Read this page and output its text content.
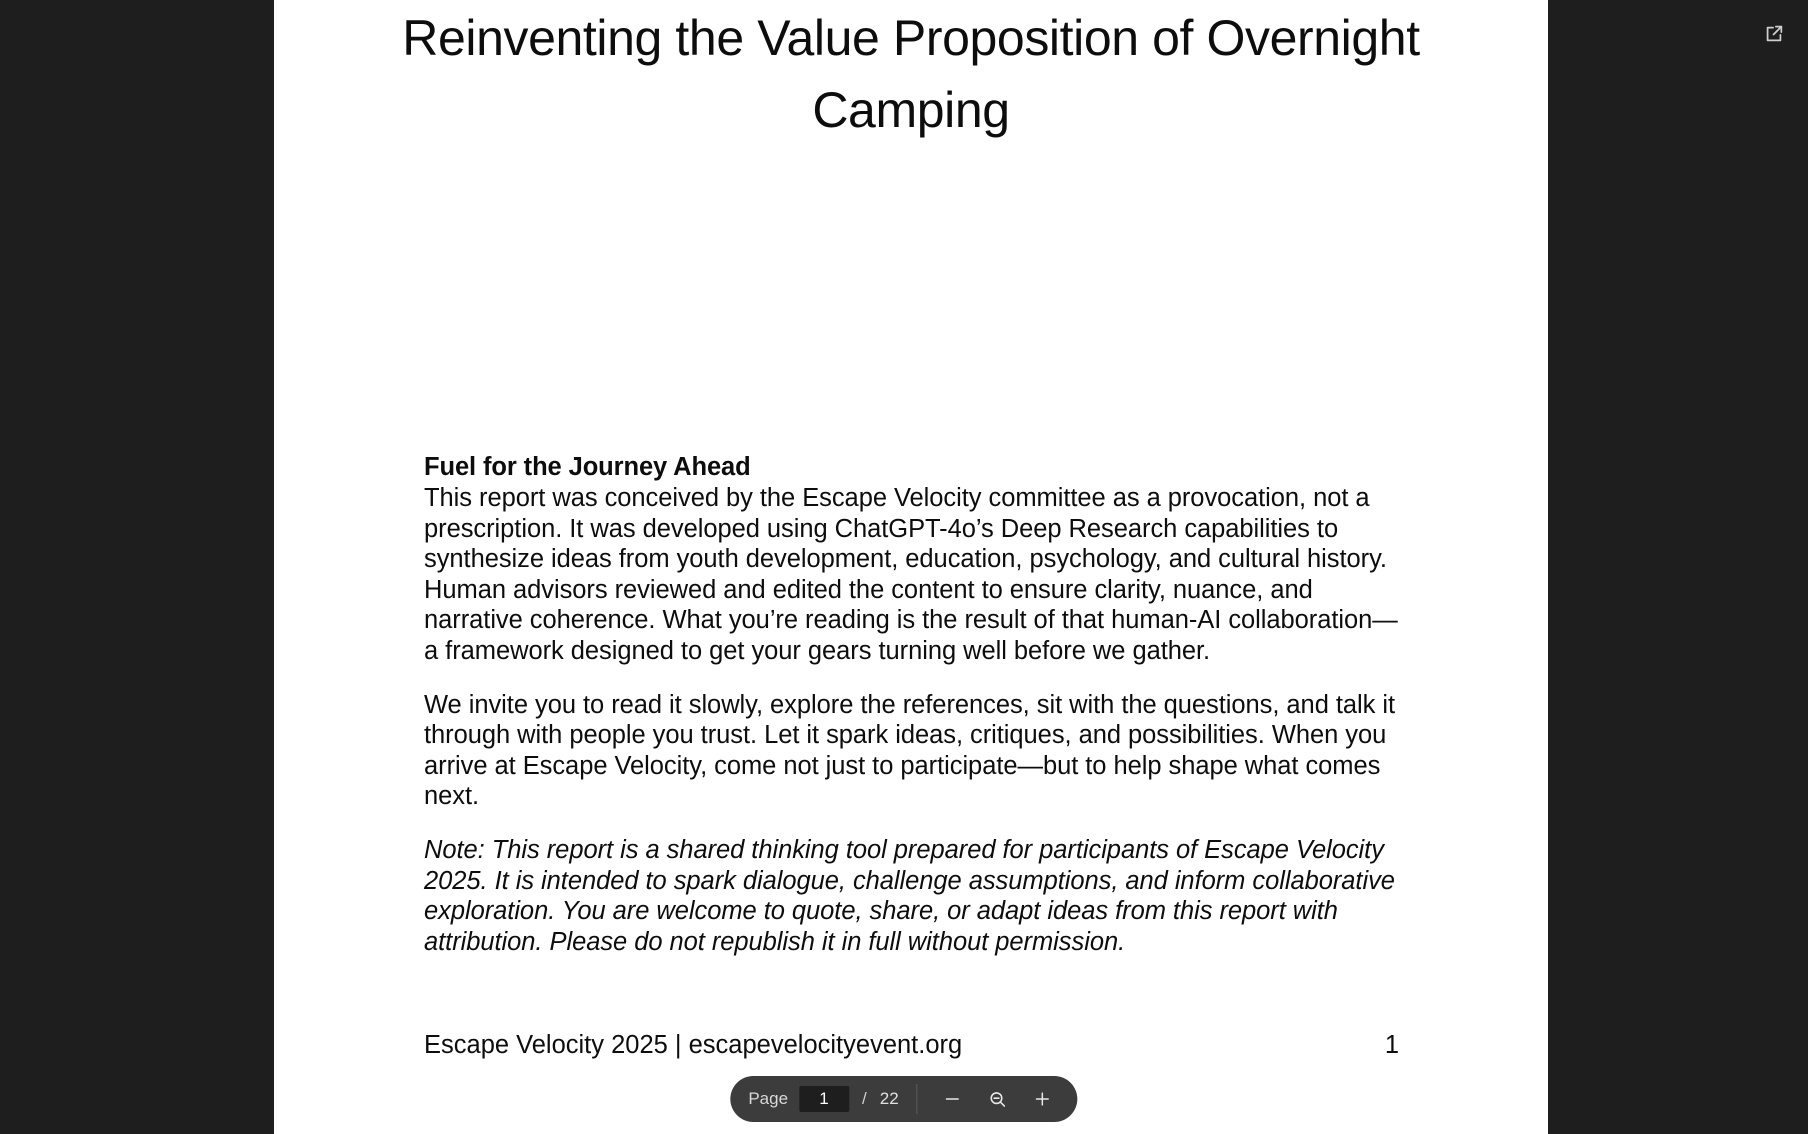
Reinventing the Value Proposition of Overnight Camping
Fuel for the Journey Ahead

This report was conceived by the Escape Velocity committee as a provocation, not a prescription. It was developed using ChatGPT-4o’s Deep Research capabilities to synthesize ideas from youth development, education, psychology, and cultural history. Human advisors reviewed and edited the content to ensure clarity, nuance, and narrative coherence. What you’re reading is the result of that human-AI collaboration—a framework designed to get your gears turning well before we gather.

We invite you to read it slowly, explore the references, sit with the questions, and talk it through with people you trust. Let it spark ideas, critiques, and possibilities. When you arrive at Escape Velocity, come not just to participate—but to help shape what comes next.

Note: This report is a shared thinking tool prepared for participants of Escape Velocity 2025. It is intended to spark dialogue, challenge assumptions, and inform collaborative exploration. You are welcome to quote, share, or adapt ideas from this report with attribution. Please do not republish it in full without permission.

Escape Velocity 2025 | escapevelocityevent.org	1
Page
1	/ 22
